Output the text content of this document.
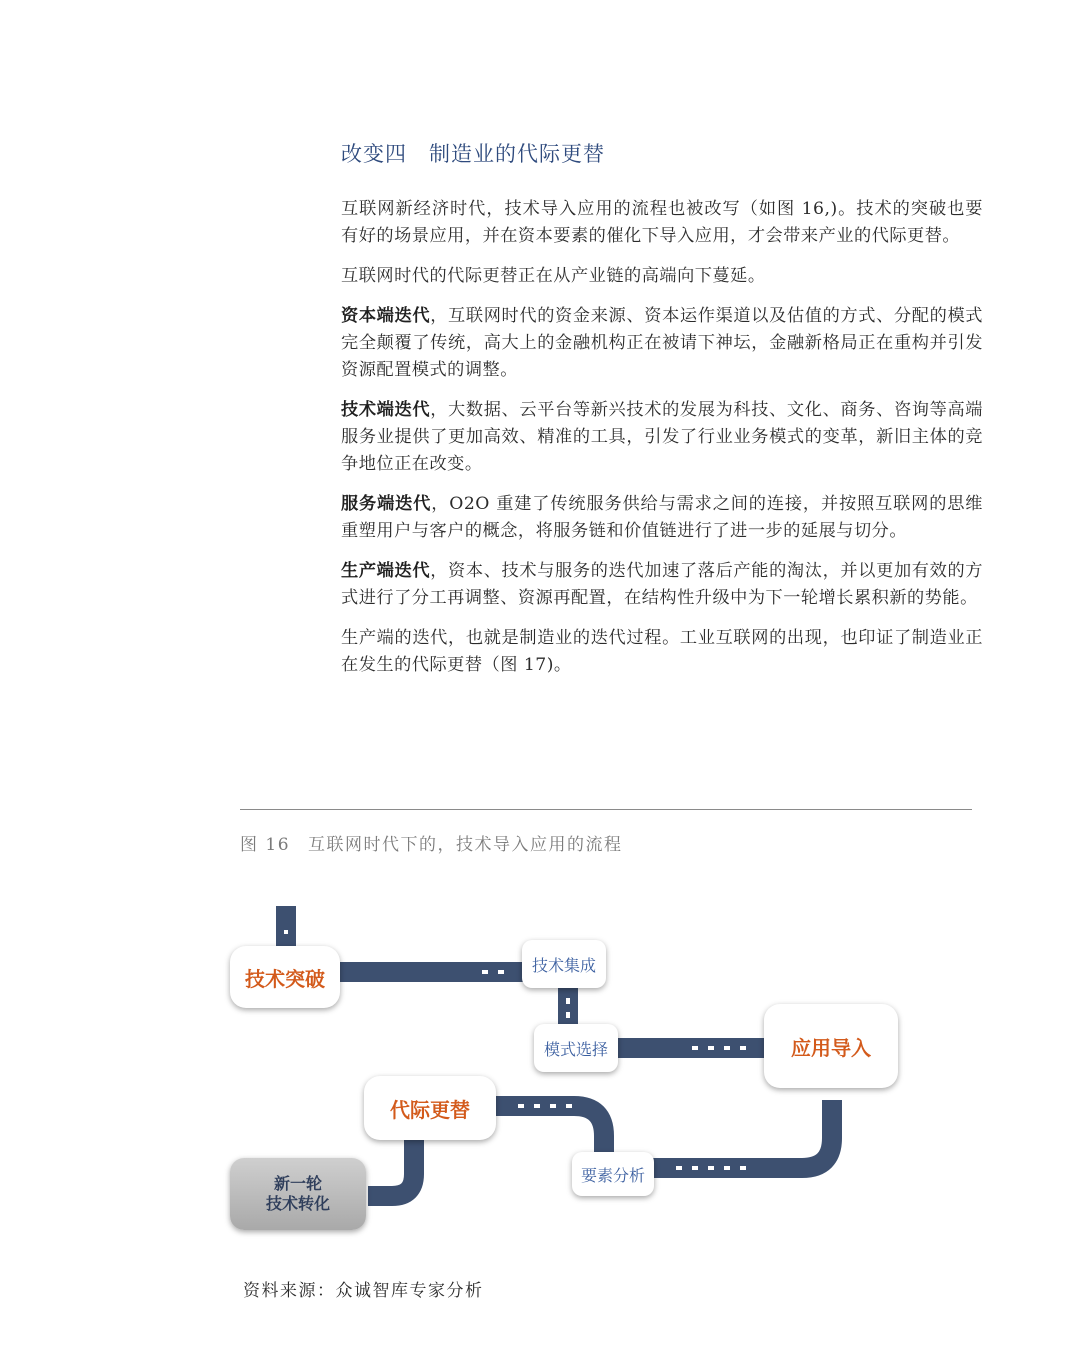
改变四 制造业的代际更替

互联网新经济时代，技术导入应用的流程也被改写（如图 16,)。技术的突破也要有好的场景应用，并在资本要素的催化下导入应用，才会带来产业的代际更替。

互联网时代的代际更替正在从产业链的高端向下蔓延。

资本端迭代，互联网时代的资金来源、资本运作渠道以及估值的方式、分配的模式完全颠覆了传统，高大上的金融机构正在被请下神坛，金融新格局正在重构并引发资源配置模式的调整。

技术端迭代，大数据、云平台等新兴技术的发展为科技、文化、商务、咨询等高端服务业提供了更加高效、精准的工具，引发了行业业务模式的变革，新旧主体的竞争地位正在改变。

服务端迭代，O2O 重建了传统服务供给与需求之间的连接，并按照互联网的思维重塑用户与客户的概念，将服务链和价值链进行了进一步的延展与切分。

生产端迭代，资本、技术与服务的迭代加速了落后产能的淘汰，并以更加有效的方式进行了分工再调整、资源再配置，在结构性升级中为下一轮增长累积新的势能。

生产端的迭代，也就是制造业的迭代过程。工业互联网的出现，也印证了制造业正在发生的代际更替（图 17)。

图 16 互联网时代下的，技术导入应用的流程
技术突破
技术集成
模式选择	应用导入
代际更替
要素分析
新一轮
技术转化
资料来源：众诚智库专家分析
